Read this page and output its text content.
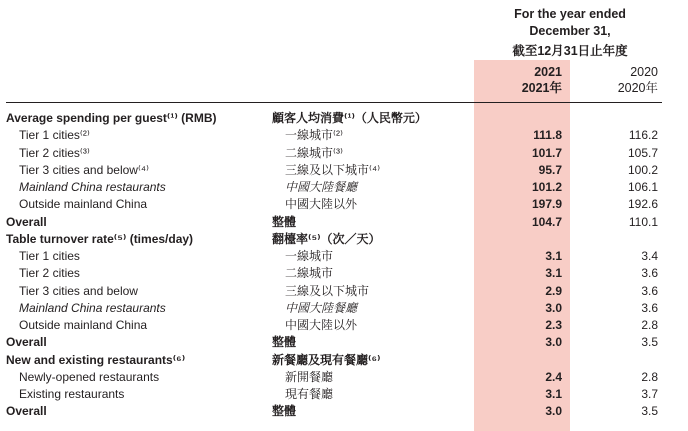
For the year ended
December 31,
截至12月31日止年度
2021
2021年
2020
2020年
Average spending per guest⁽¹⁾ (RMB)	顧客人均消費⁽¹⁾（人民幣元）
Tier 1 cities⁽²⁾	一線城市⁽²⁾	111.8	116.2
Tier 2 cities⁽³⁾	二線城市⁽³⁾	101.7	105.7
Tier 3 cities and below⁽⁴⁾	三線及以下城市⁽⁴⁾	95.7	100.2
Mainland China restaurants	中國大陸餐廳	101.2	106.1
Outside mainland China	中國大陸以外	197.9	192.6
Overall	整體	104.7	110.1
Table turnover rate⁽⁵⁾ (times/day)	翻檯率⁽⁵⁾（次／天）
Tier 1 cities	一線城市	3.1	3.4
Tier 2 cities	二線城市	3.1	3.6
Tier 3 cities and below	三線及以下城市	2.9	3.6
Mainland China restaurants	中國大陸餐廳	3.0	3.6
Outside mainland China	中國大陸以外	2.3	2.8
Overall	整體	3.0	3.5
New and existing restaurants⁽⁶⁾	新餐廳及現有餐廳⁽⁶⁾
Newly-opened restaurants	新開餐廳	2.4	2.8
Existing restaurants	現有餐廳	3.1	3.7
Overall	整體	3.0	3.5
